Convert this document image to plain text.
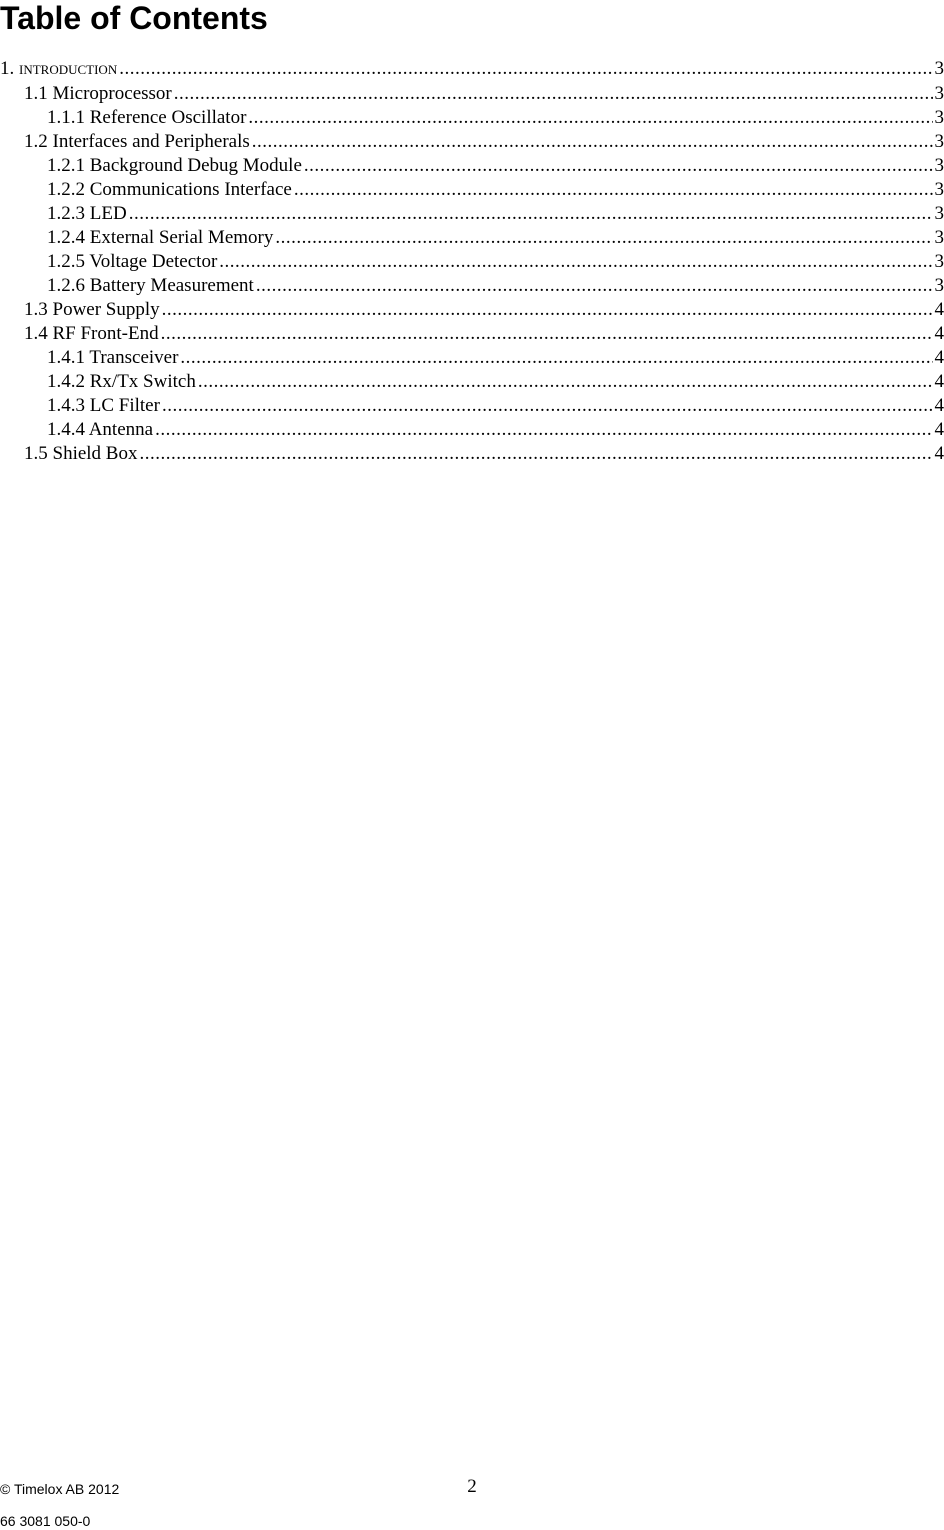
Table of Contents
1. introduction .....	3
1.1 Microprocessor .....	3
1.1.1 Reference Oscillator .....	3
1.2 Interfaces and Peripherals .....	3
1.2.1 Background Debug Module .....	3
1.2.2 Communications Interface .....	3
1.2.3 LED .....	3
1.2.4 External Serial Memory .....	3
1.2.5 Voltage Detector .....	3
1.2.6 Battery Measurement .....	3
1.3 Power Supply .....	4
1.4 RF Front-End .....	4
1.4.1 Transceiver .....	4
1.4.2 Rx/Tx Switch .....	4
1.4.3 LC Filter .....	4
1.4.4 Antenna .....	4
1.5 Shield Box .....	4
2
© Timelox AB 2012
66 3081 050-0
